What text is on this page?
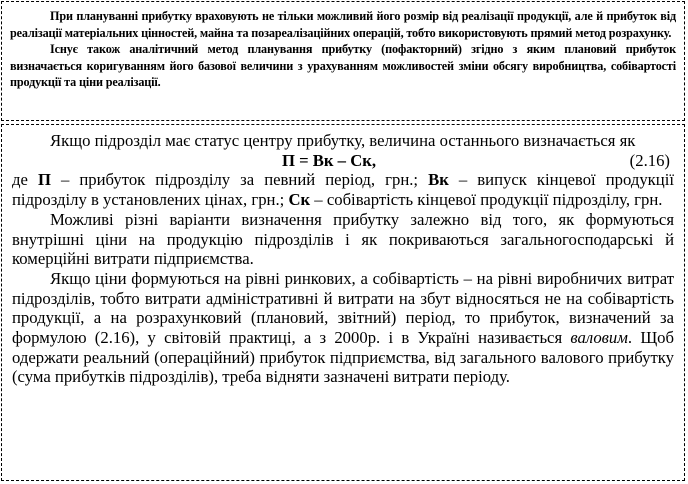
При плануванні прибутку враховують не тільки можливий його розмір від реалізації продукції, але й прибуток від реалізації матеріальних цінностей, майна та позареалізаційних операцій, тобто використовують прямий метод розрахунку.

Існує також аналітичний метод планування прибутку (пофакторний) згідно з яким плановий прибуток визначається коригуванням його базової величини з урахуванням можливостей зміни обсягу виробництва, собівартості продукції та ціни реалізації.

Якщо підрозділ має статус центру прибутку, величина останнього визначається як

П = Вк – Ск,	(2.16)

де П – прибуток підрозділу за певний період, грн.; Вк – випуск кінцевої продукції підрозділу в установлених цінах, грн.; Ск – собівартість кінцевої продукції підрозділу, грн.

Можливі різні варіанти визначення прибутку залежно від того, як формуються внутрішні ціни на продукцію підрозділів і як покриваються загальногосподарські й комерційні витрати підприємства.

Якщо ціни формуються на рівні ринкових, а собівартість – на рівні виробничих витрат підрозділів, тобто витрати адміністративні й витрати на збут відносяться не на собівартість продукції, а на розрахунковий (плановий, звітний) період, то прибуток, визначений за формулою (2.16), у світовій практиці, а з 2000р. і в Україні називається валовим. Щоб одержати реальний (операційний) прибуток підприємства, від загального валового прибутку (сума прибутків підрозділів), треба відняти зазначені витрати періоду.
